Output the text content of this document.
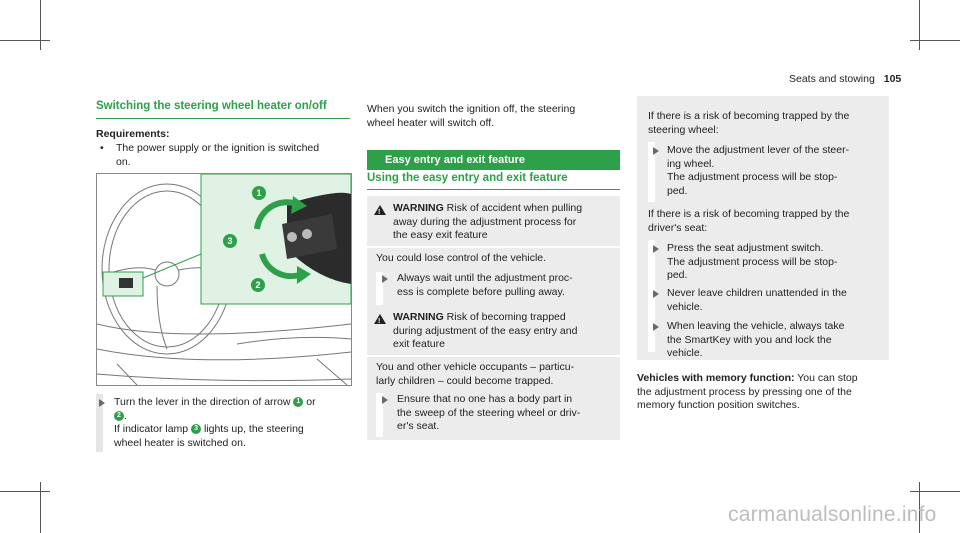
Seats and stowing 105
Switching the steering wheel heater on/off
Requirements:
• The power supply or the ignition is switched
on.
1
3
2
Turn the lever in the direction of arrow 1 or
2 .
If indicator lamp 3 lights up, the steering
wheel heater is switched on.
When you switch the ignition off, the steering
wheel heater will switch off.
Easy entry and exit feature
Using the easy entry and exit feature
!
WARNING Risk of accident when pulling
away during the adjustment process for
the easy exit feature
You could lose control of the vehicle.
Always wait until the adjustment proc-
ess is complete before pulling away.
!
WARNING Risk of becoming trapped
during adjustment of the easy entry and
exit feature
You and other vehicle occupants – particu-
larly children – could become trapped.
Ensure that no one has a body part in
the sweep of the steering wheel or driv-
er's seat.
If there is a risk of becoming trapped by the
steering wheel:
Move the adjustment lever of the steer-
ing wheel.
The adjustment process will be stop-
ped.
If there is a risk of becoming trapped by the
driver's seat:
Press the seat adjustment switch.
The adjustment process will be stop-
ped.
Never leave children unattended in the
vehicle.
When leaving the vehicle, always take
the SmartKey with you and lock the
vehicle.
Vehicles with memory function: You can stop
the adjustment process by pressing one of the
memory function position switches.
carmanualsonline.info
